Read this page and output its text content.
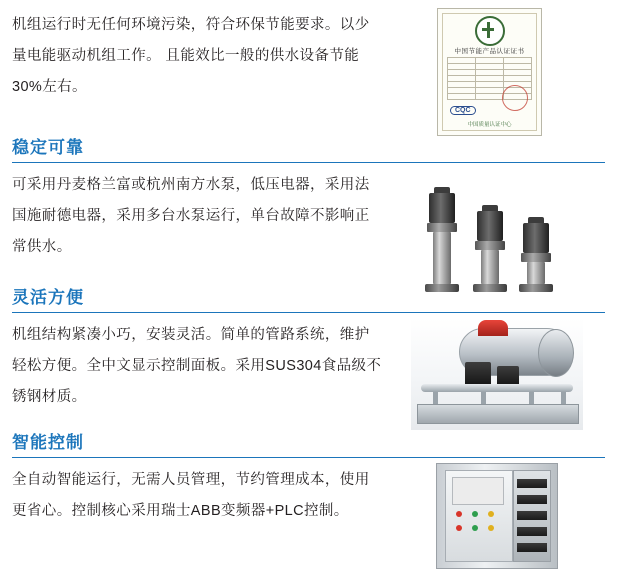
机组运行时无任何环境污染，符合环保节能要求。以少量电能驱动机组工作。 且能效比一般的供水设备节能30%左右。
中国节能产品认证证书

CQC
中国质量认证中心
稳定可靠
可采用丹麦格兰富或杭州南方水泵，低压电器，采用法国施耐德电器，采用多台水泵运行，单台故障不影响正常供水。
灵活方便
机组结构紧凑小巧，安装灵活。简单的管路系统，维护轻松方便。全中文显示控制面板。采用SUS304食品级不锈钢材质。
智能控制
全自动智能运行，无需人员管理，节约管理成本，使用更省心。控制核心采用瑞士ABB变频器+PLC控制。
